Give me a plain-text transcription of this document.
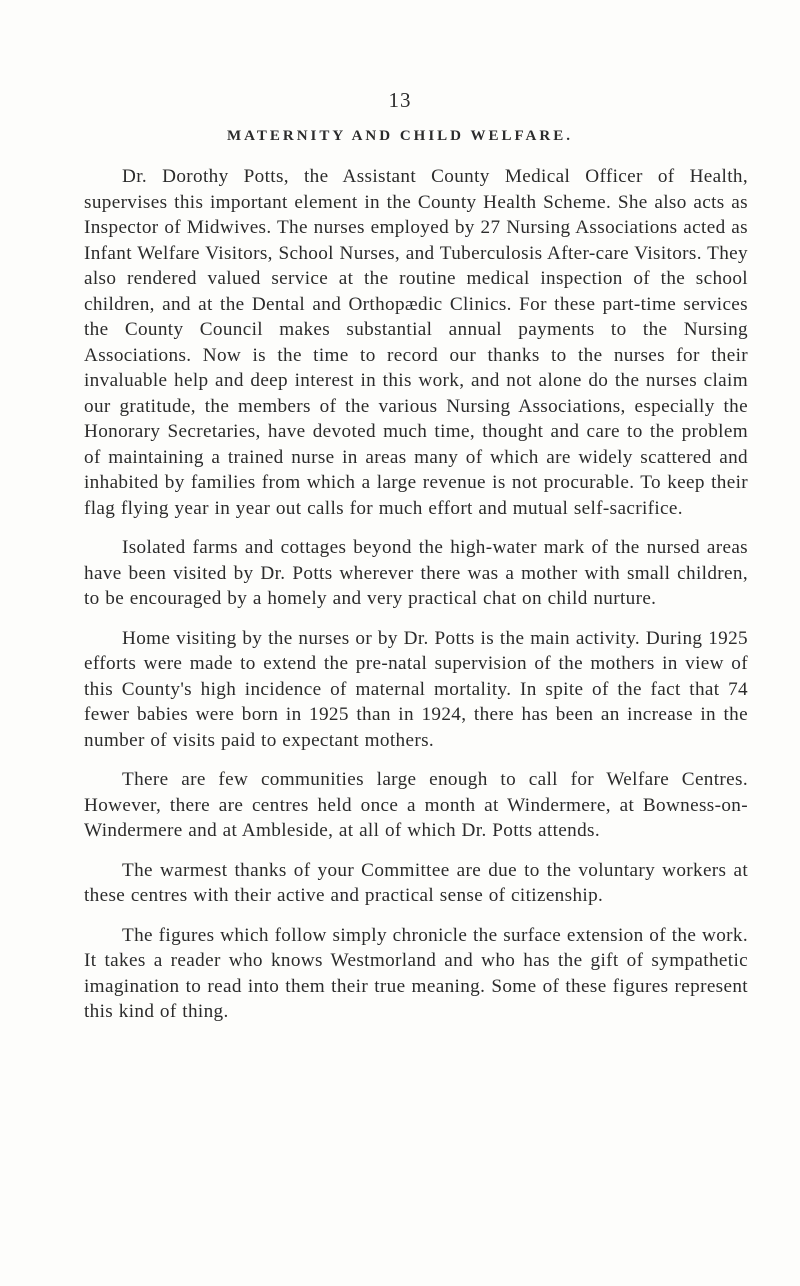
13
MATERNITY AND CHILD WELFARE.

Dr. Dorothy Potts, the Assistant County Medical Officer of Health, supervises this important element in the County Health Scheme. She also acts as Inspector of Midwives. The nurses employed by 27 Nursing Associations acted as Infant Welfare Visitors, School Nurses, and Tuberculosis After-care Visitors. They also rendered valued service at the routine medical inspection of the school children, and at the Dental and Orthopædic Clinics. For these part-time services the County Council makes substantial annual payments to the Nursing Associations. Now is the time to record our thanks to the nurses for their invaluable help and deep interest in this work, and not alone do the nurses claim our gratitude, the members of the various Nursing Associations, especially the Honorary Secretaries, have devoted much time, thought and care to the problem of maintaining a trained nurse in areas many of which are widely scattered and inhabited by families from which a large revenue is not procurable. To keep their flag flying year in year out calls for much effort and mutual self-sacrifice.

Isolated farms and cottages beyond the high-water mark of the nursed areas have been visited by Dr. Potts wherever there was a mother with small children, to be encouraged by a homely and very practical chat on child nurture.

Home visiting by the nurses or by Dr. Potts is the main activity. During 1925 efforts were made to extend the pre-natal supervision of the mothers in view of this County's high incidence of maternal mortality. In spite of the fact that 74 fewer babies were born in 1925 than in 1924, there has been an increase in the number of visits paid to expectant mothers.

There are few communities large enough to call for Welfare Centres. However, there are centres held once a month at Windermere, at Bowness-on-Windermere and at Ambleside, at all of which Dr. Potts attends.

The warmest thanks of your Committee are due to the voluntary workers at these centres with their active and practical sense of citizenship.

The figures which follow simply chronicle the surface extension of the work. It takes a reader who knows Westmorland and who has the gift of sympathetic imagination to read into them their true meaning. Some of these figures represent this kind of thing.
